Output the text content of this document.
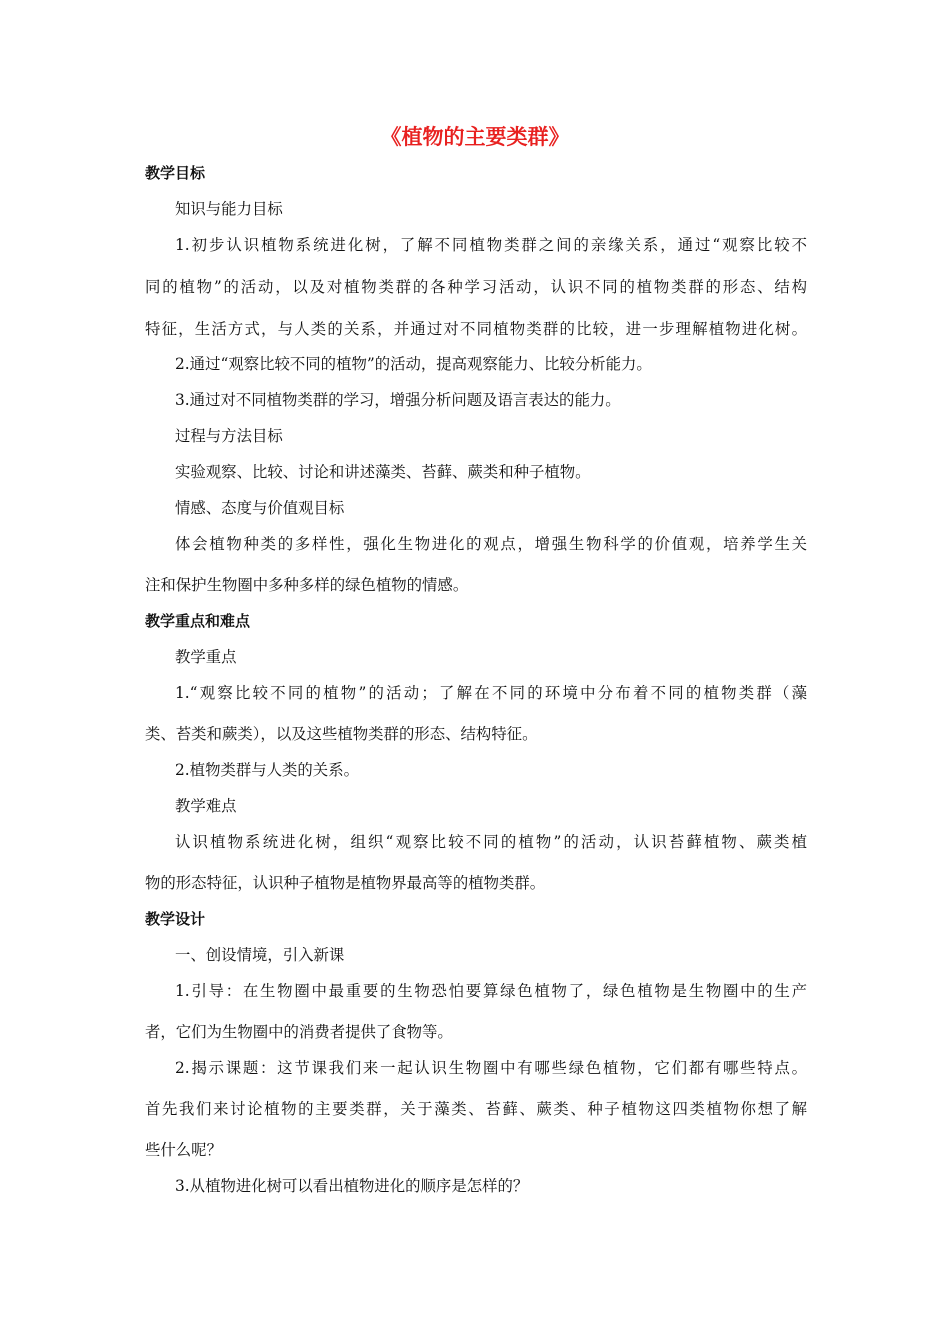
《植物的主要类群》
教学目标
知识与能力目标
1.初步认识植物系统进化树，了解不同植物类群之间的亲缘关系，通过“观察比较不
同的植物”的活动，以及对植物类群的各种学习活动，认识不同的植物类群的形态、结构
特征，生活方式，与人类的关系，并通过对不同植物类群的比较，进一步理解植物进化树。
2.通过“观察比较不同的植物”的活动，提高观察能力、比较分析能力。
3.通过对不同植物类群的学习，增强分析问题及语言表达的能力。
过程与方法目标
实验观察、比较、讨论和讲述藻类、苔藓、蕨类和种子植物。
情感、态度与价值观目标
体会植物种类的多样性，强化生物进化的观点，增强生物科学的价值观，培养学生关
注和保护生物圈中多种多样的绿色植物的情感。
教学重点和难点
教学重点
1.“观察比较不同的植物”的活动；了解在不同的环境中分布着不同的植物类群（藻
类、苔类和蕨类），以及这些植物类群的形态、结构特征。
2.植物类群与人类的关系。
教学难点
认识植物系统进化树，组织“观察比较不同的植物”的活动，认识苔藓植物、蕨类植
物的形态特征，认识种子植物是植物界最高等的植物类群。
教学设计
一、创设情境，引入新课
1.引导：在生物圈中最重要的生物恐怕要算绿色植物了，绿色植物是生物圈中的生产
者，它们为生物圈中的消费者提供了食物等。
2.揭示课题：这节课我们来一起认识生物圈中有哪些绿色植物，它们都有哪些特点。
首先我们来讨论植物的主要类群，关于藻类、苔藓、蕨类、种子植物这四类植物你想了解
些什么呢？
3.从植物进化树可以看出植物进化的顺序是怎样的？
